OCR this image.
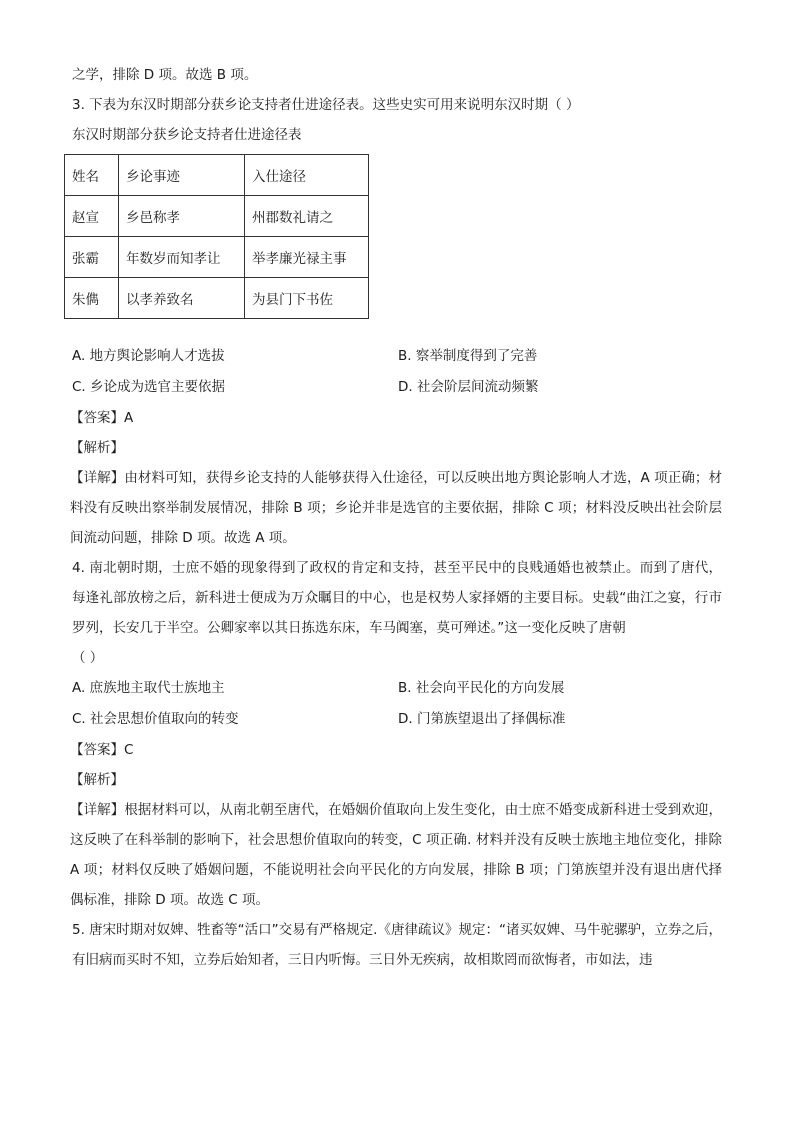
之学，排除 D 项。故选 B 项。
3. 下表为东汉时期部分获乡论支持者仕进途径表。这些史实可用来说明东汉时期（ ）
东汉时期部分获乡论支持者仕进途径表
姓名	乡论事迹	入仕途径
赵宣	乡邑称孝	州郡数礼请之
张霸	年数岁而知孝让	举孝廉光禄主事
朱儁	以孝养致名	为县门下书佐
A. 地方舆论影响人才选拔	B. 察举制度得到了完善
C. 乡论成为选官主要依据	D. 社会阶层间流动频繁
【答案】A
【解析】
【详解】由材料可知，获得乡论支持的人能够获得入仕途径，可以反映出地方舆论影响人才选，A 项正确；材料没有反映出察举制发展情况，排除 B 项；乡论并非是选官的主要依据，排除 C 项；材料没反映出社会阶层间流动问题，排除 D 项。故选 A 项。
4. 南北朝时期，士庶不婚的现象得到了政权的肯定和支持，甚至平民中的良贱通婚也被禁止。而到了唐代，每逢礼部放榜之后，新科进士便成为万众瞩目的中心，也是权势人家择婿的主要目标。史载“曲江之宴，行市罗列，长安几于半空。公卿家率以其日拣选东床，车马阗塞，莫可殚述。”这一变化反映了唐朝
（ ）
A. 庶族地主取代士族地主	B. 社会向平民化的方向发展
C. 社会思想价值取向的转变	D. 门第族望退出了择偶标准
【答案】C
【解析】
【详解】根据材料可以，从南北朝至唐代，在婚姻价值取向上发生变化，由士庶不婚变成新科进士受到欢迎，这反映了在科举制的影响下，社会思想价值取向的转变，C 项正确. 材料并没有反映士族地主地位变化，排除 A 项；材料仅反映了婚姻问题，不能说明社会向平民化的方向发展，排除 B 项；门第族望并没有退出唐代择偶标准，排除 D 项。故选 C 项。
5. 唐宋时期对奴婢、牲畜等“活口”交易有严格规定.《唐律疏议》规定：“诸买奴婢、马牛驼骡驴，立券之后，有旧病而买时不知，立券后始知者，三日内听悔。三日外无疾病，故相欺罔而欲悔者，市如法，违
